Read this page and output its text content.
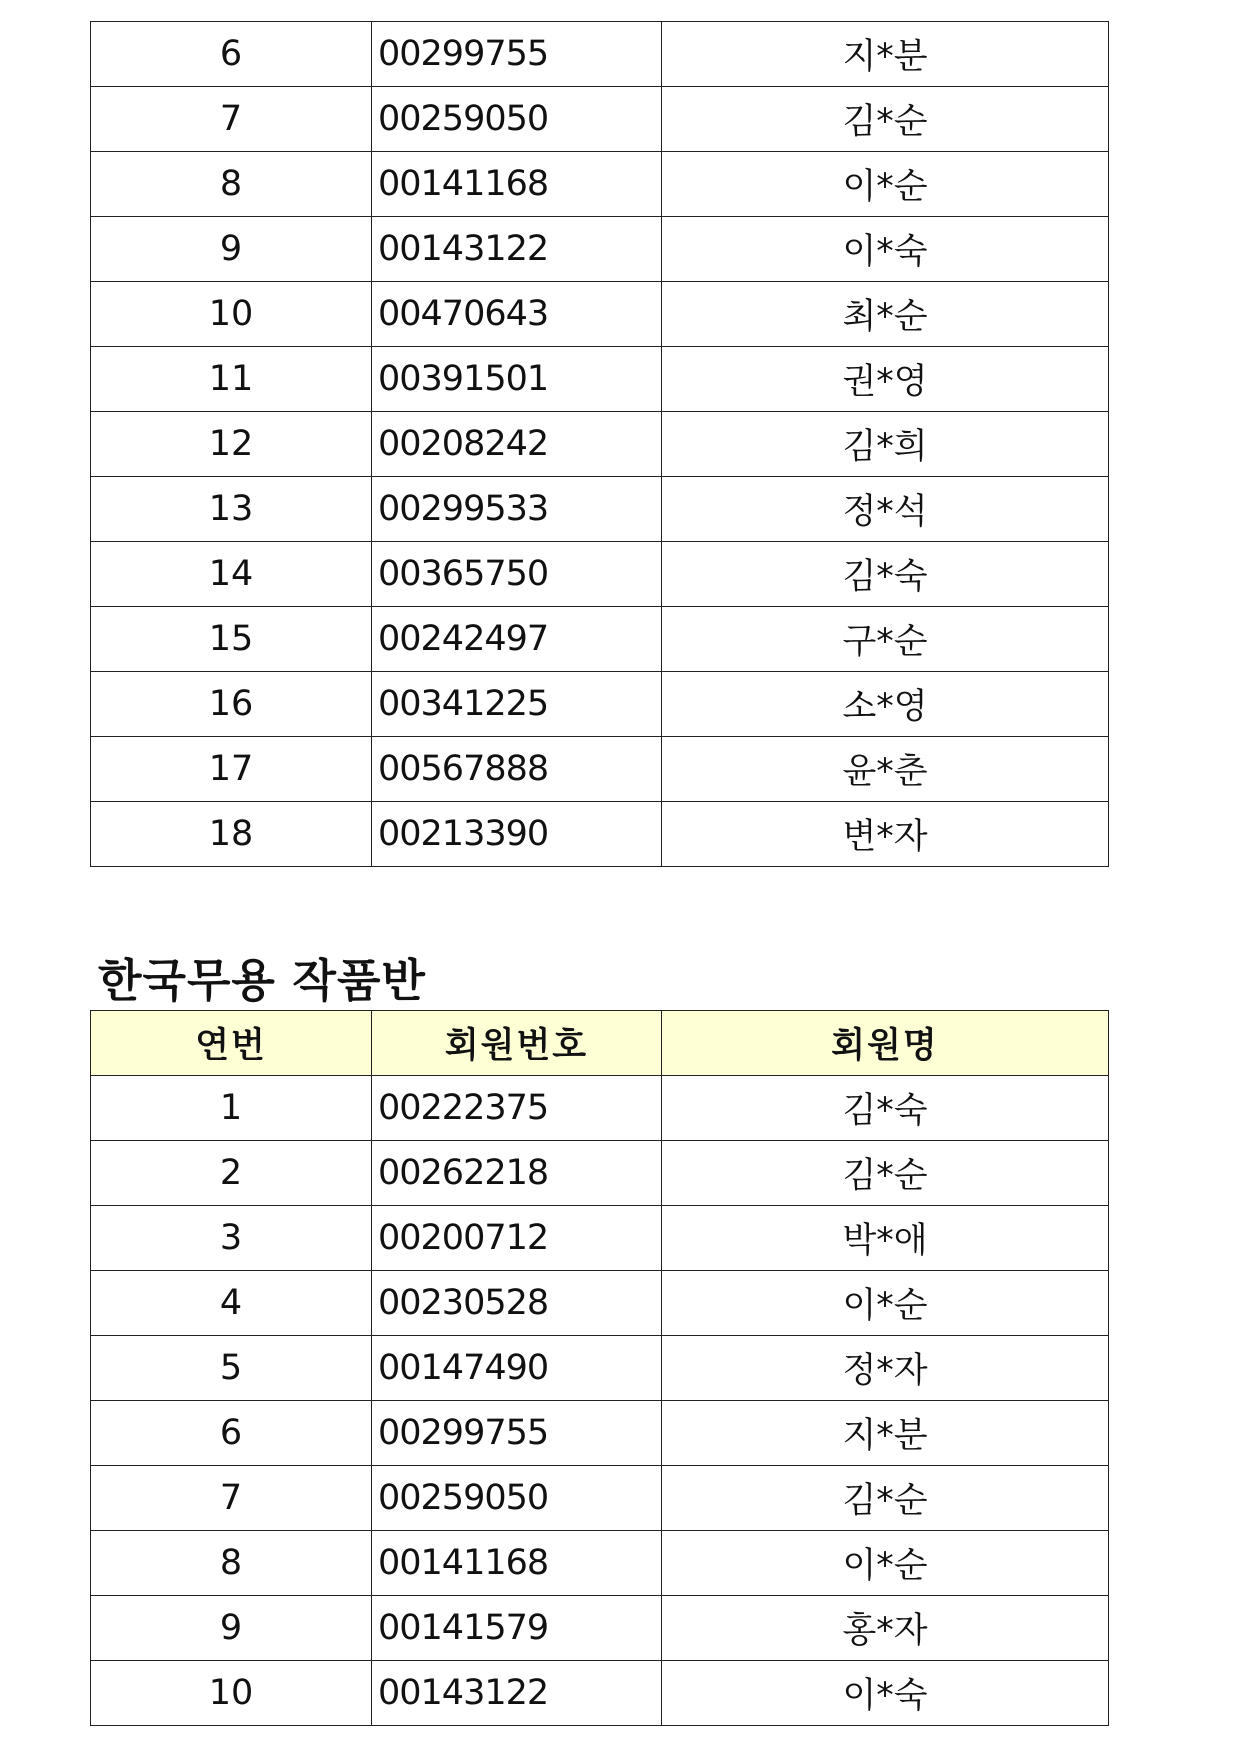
6	00299755	지*분
7	00259050	김*순
8	00141168	이*순
9	00143122	이*숙
10	00470643	최*순
11	00391501	권*영
12	00208242	김*희
13	00299533	정*석
14	00365750	김*숙
15	00242497	구*순
16	00341225	소*영
17	00567888	윤*춘
18	00213390	변*자
한국무용 작품반
연번	회원번호	회원명
1	00222375	김*숙
2	00262218	김*순
3	00200712	박*애
4	00230528	이*순
5	00147490	정*자
6	00299755	지*분
7	00259050	김*순
8	00141168	이*순
9	00141579	홍*자
10	00143122	이*숙
